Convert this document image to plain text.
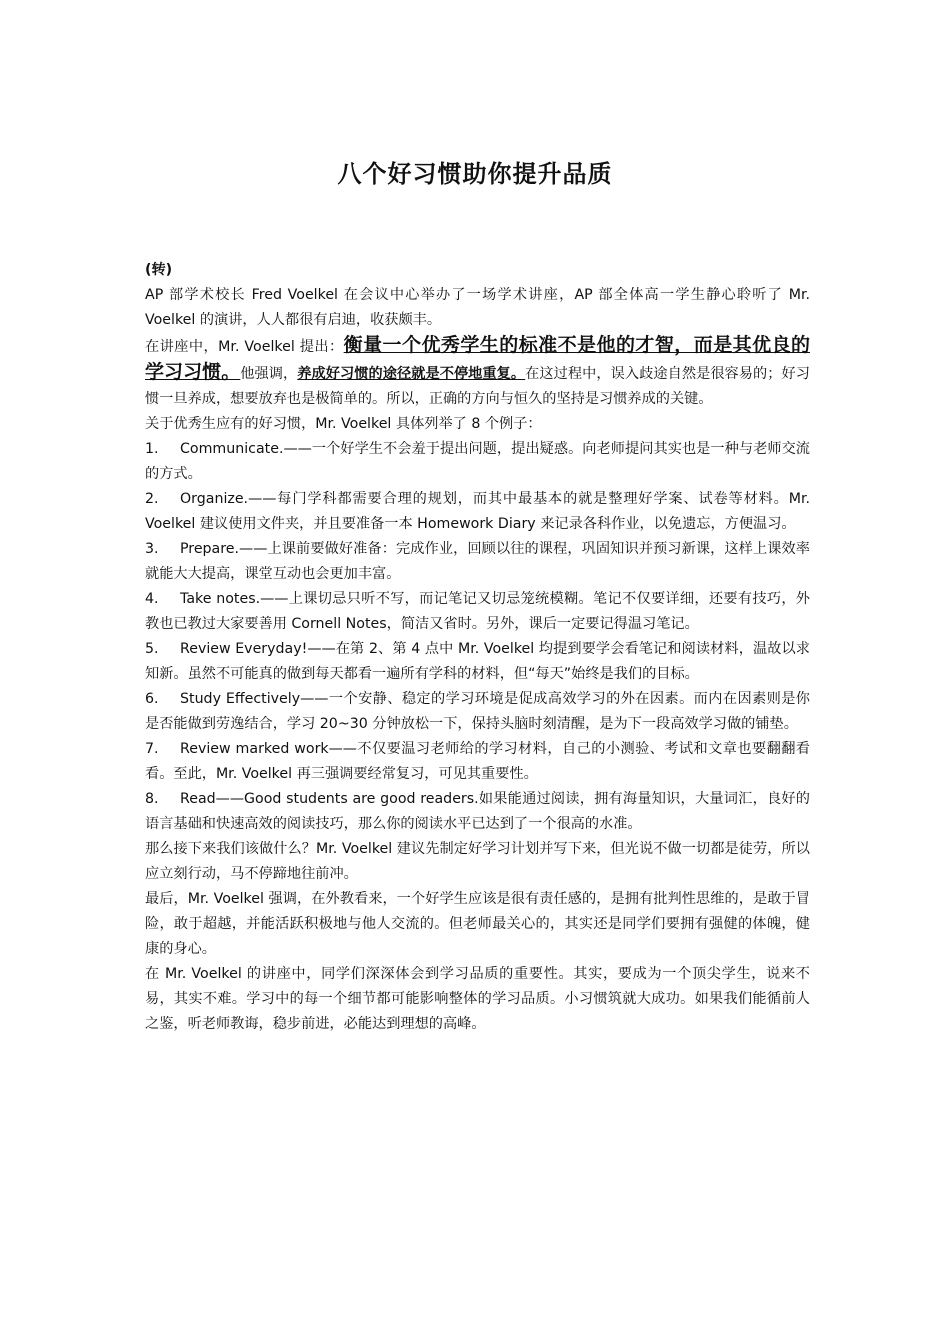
八个好习惯助你提升品质

(转)

AP 部学术校长 Fred Voelkel 在会议中心举办了一场学术讲座，AP 部全体高一学生静心聆听了 Mr. Voelkel 的演讲，人人都很有启迪，收获颇丰。

在讲座中，Mr. Voelkel 提出：衡量一个优秀学生的标准不是他的才智，而是其优良的学习习惯。他强调，养成好习惯的途径就是不停地重复。在这过程中，误入歧途自然是很容易的；好习惯一旦养成，想要放弃也是极简单的。所以，正确的方向与恒久的坚持是习惯养成的关键。

关于优秀生应有的好习惯，Mr. Voelkel 具体列举了 8 个例子：

1. Communicate.——一个好学生不会羞于提出问题，提出疑惑。向老师提问其实也是一种与老师交流的方式。

2. Organize.——每门学科都需要合理的规划，而其中最基本的就是整理好学案、试卷等材料。Mr. Voelkel 建议使用文件夹，并且要准备一本 Homework Diary 来记录各科作业，以免遗忘，方便温习。

3. Prepare.——上课前要做好准备：完成作业，回顾以往的课程，巩固知识并预习新课，这样上课效率就能大大提高，课堂互动也会更加丰富。

4. Take notes.——上课切忌只听不写，而记笔记又切忌笼统模糊。笔记不仅要详细，还要有技巧，外教也已教过大家要善用 Cornell Notes，简洁又省时。另外，课后一定要记得温习笔记。

5. Review Everyday!——在第 2、第 4 点中 Mr. Voelkel 均提到要学会看笔记和阅读材料，温故以求知新。虽然不可能真的做到每天都看一遍所有学科的材料，但“每天”始终是我们的目标。

6. Study Effectively——一个安静、稳定的学习环境是促成高效学习的外在因素。而内在因素则是你是否能做到劳逸结合，学习 20~30 分钟放松一下，保持头脑时刻清醒，是为下一段高效学习做的铺垫。

7. Review marked work——不仅要温习老师给的学习材料，自己的小测验、考试和文章也要翻翻看看。至此，Mr. Voelkel 再三强调要经常复习，可见其重要性。

8. Read——Good students are good readers.如果能通过阅读，拥有海量知识，大量词汇，良好的语言基础和快速高效的阅读技巧，那么你的阅读水平已达到了一个很高的水准。

那么接下来我们该做什么？Mr. Voelkel 建议先制定好学习计划并写下来，但光说不做一切都是徒劳，所以应立刻行动，马不停蹄地往前冲。

最后，Mr. Voelkel 强调，在外教看来，一个好学生应该是很有责任感的，是拥有批判性思维的，是敢于冒险，敢于超越，并能活跃积极地与他人交流的。但老师最关心的，其实还是同学们要拥有强健的体魄，健康的身心。

在 Mr. Voelkel 的讲座中，同学们深深体会到学习品质的重要性。其实，要成为一个顶尖学生，说来不易，其实不难。学习中的每一个细节都可能影响整体的学习品质。小习惯筑就大成功。如果我们能循前人之鉴，听老师教诲，稳步前进，必能达到理想的高峰。
